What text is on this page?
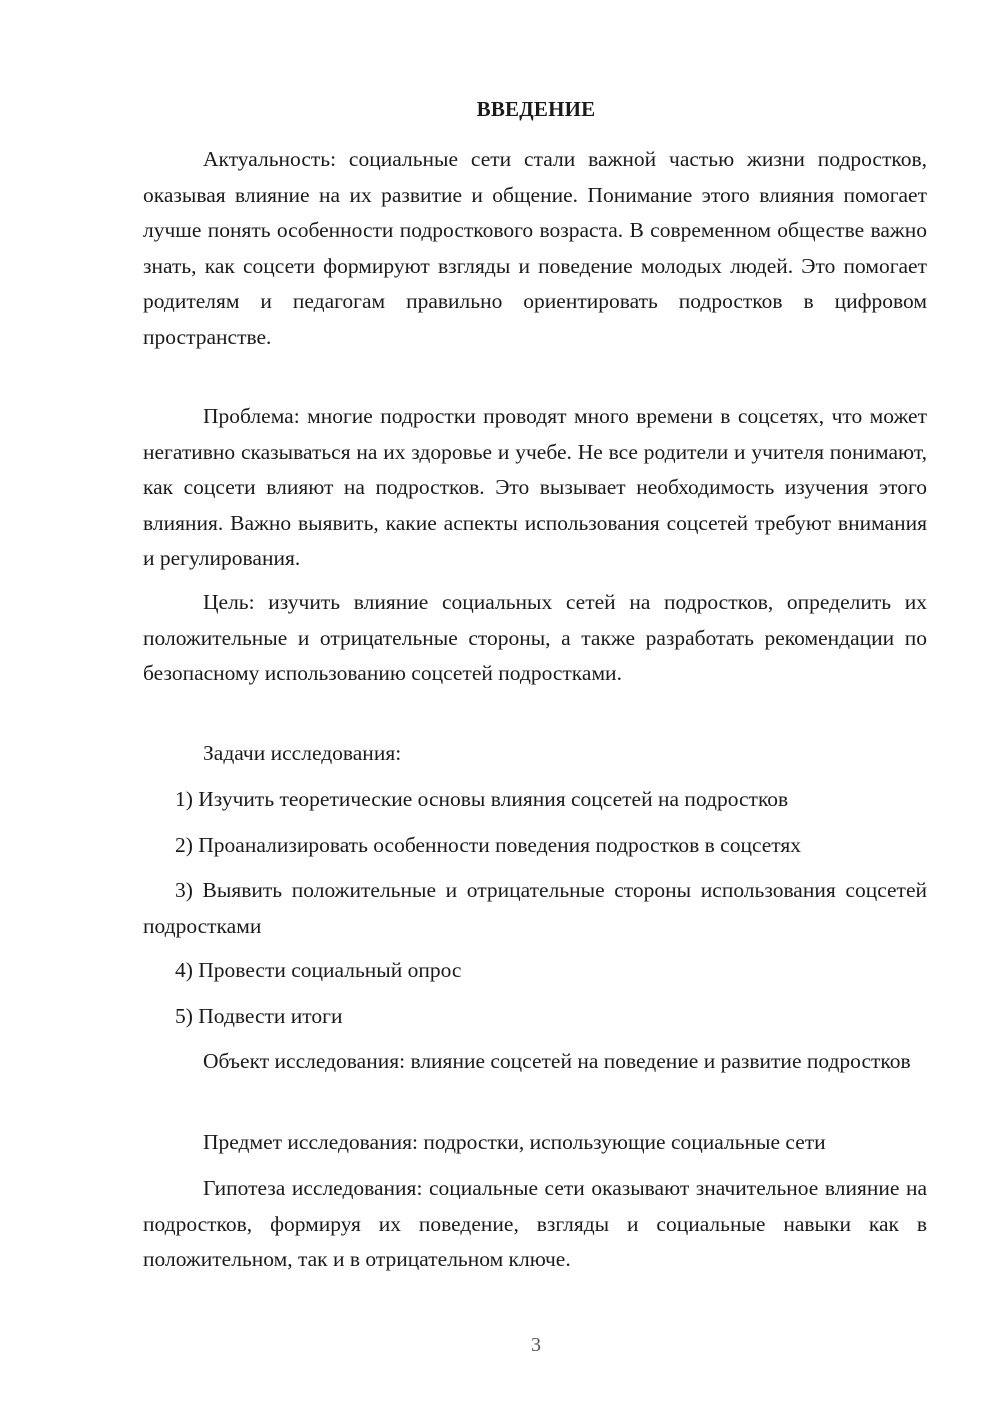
ВВЕДЕНИЕ

Актуальность: социальные сети стали важной частью жизни подростков, оказывая влияние на их развитие и общение. Понимание этого влияния помогает лучше понять особенности подросткового возраста. В современном обществе важно знать, как соцсети формируют взгляды и поведение молодых людей. Это помогает родителям и педагогам правильно ориентировать подростков в цифровом пространстве.

Проблема: многие подростки проводят много времени в соцсетях, что может негативно сказываться на их здоровье и учебе. Не все родители и учителя понимают, как соцсети влияют на подростков. Это вызывает необходимость изучения этого влияния. Важно выявить, какие аспекты использования соцсетей требуют внимания и регулирования.

Цель: изучить влияние социальных сетей на подростков, определить их положительные и отрицательные стороны, а также разработать рекомендации по безопасному использованию соцсетей подростками.

Задачи исследования:

1) Изучить теоретические основы влияния соцсетей на подростков

2) Проанализировать особенности поведения подростков в соцсетях

3) Выявить положительные и отрицательные стороны использования соцсетей подростками

4) Провести социальный опрос

5) Подвести итоги

Объект исследования: влияние соцсетей на поведение и развитие подростков

Предмет исследования: подростки, использующие социальные сети

Гипотеза исследования: социальные сети оказывают значительное влияние на подростков, формируя их поведение, взгляды и социальные навыки как в положительном, так и в отрицательном ключе.

3
